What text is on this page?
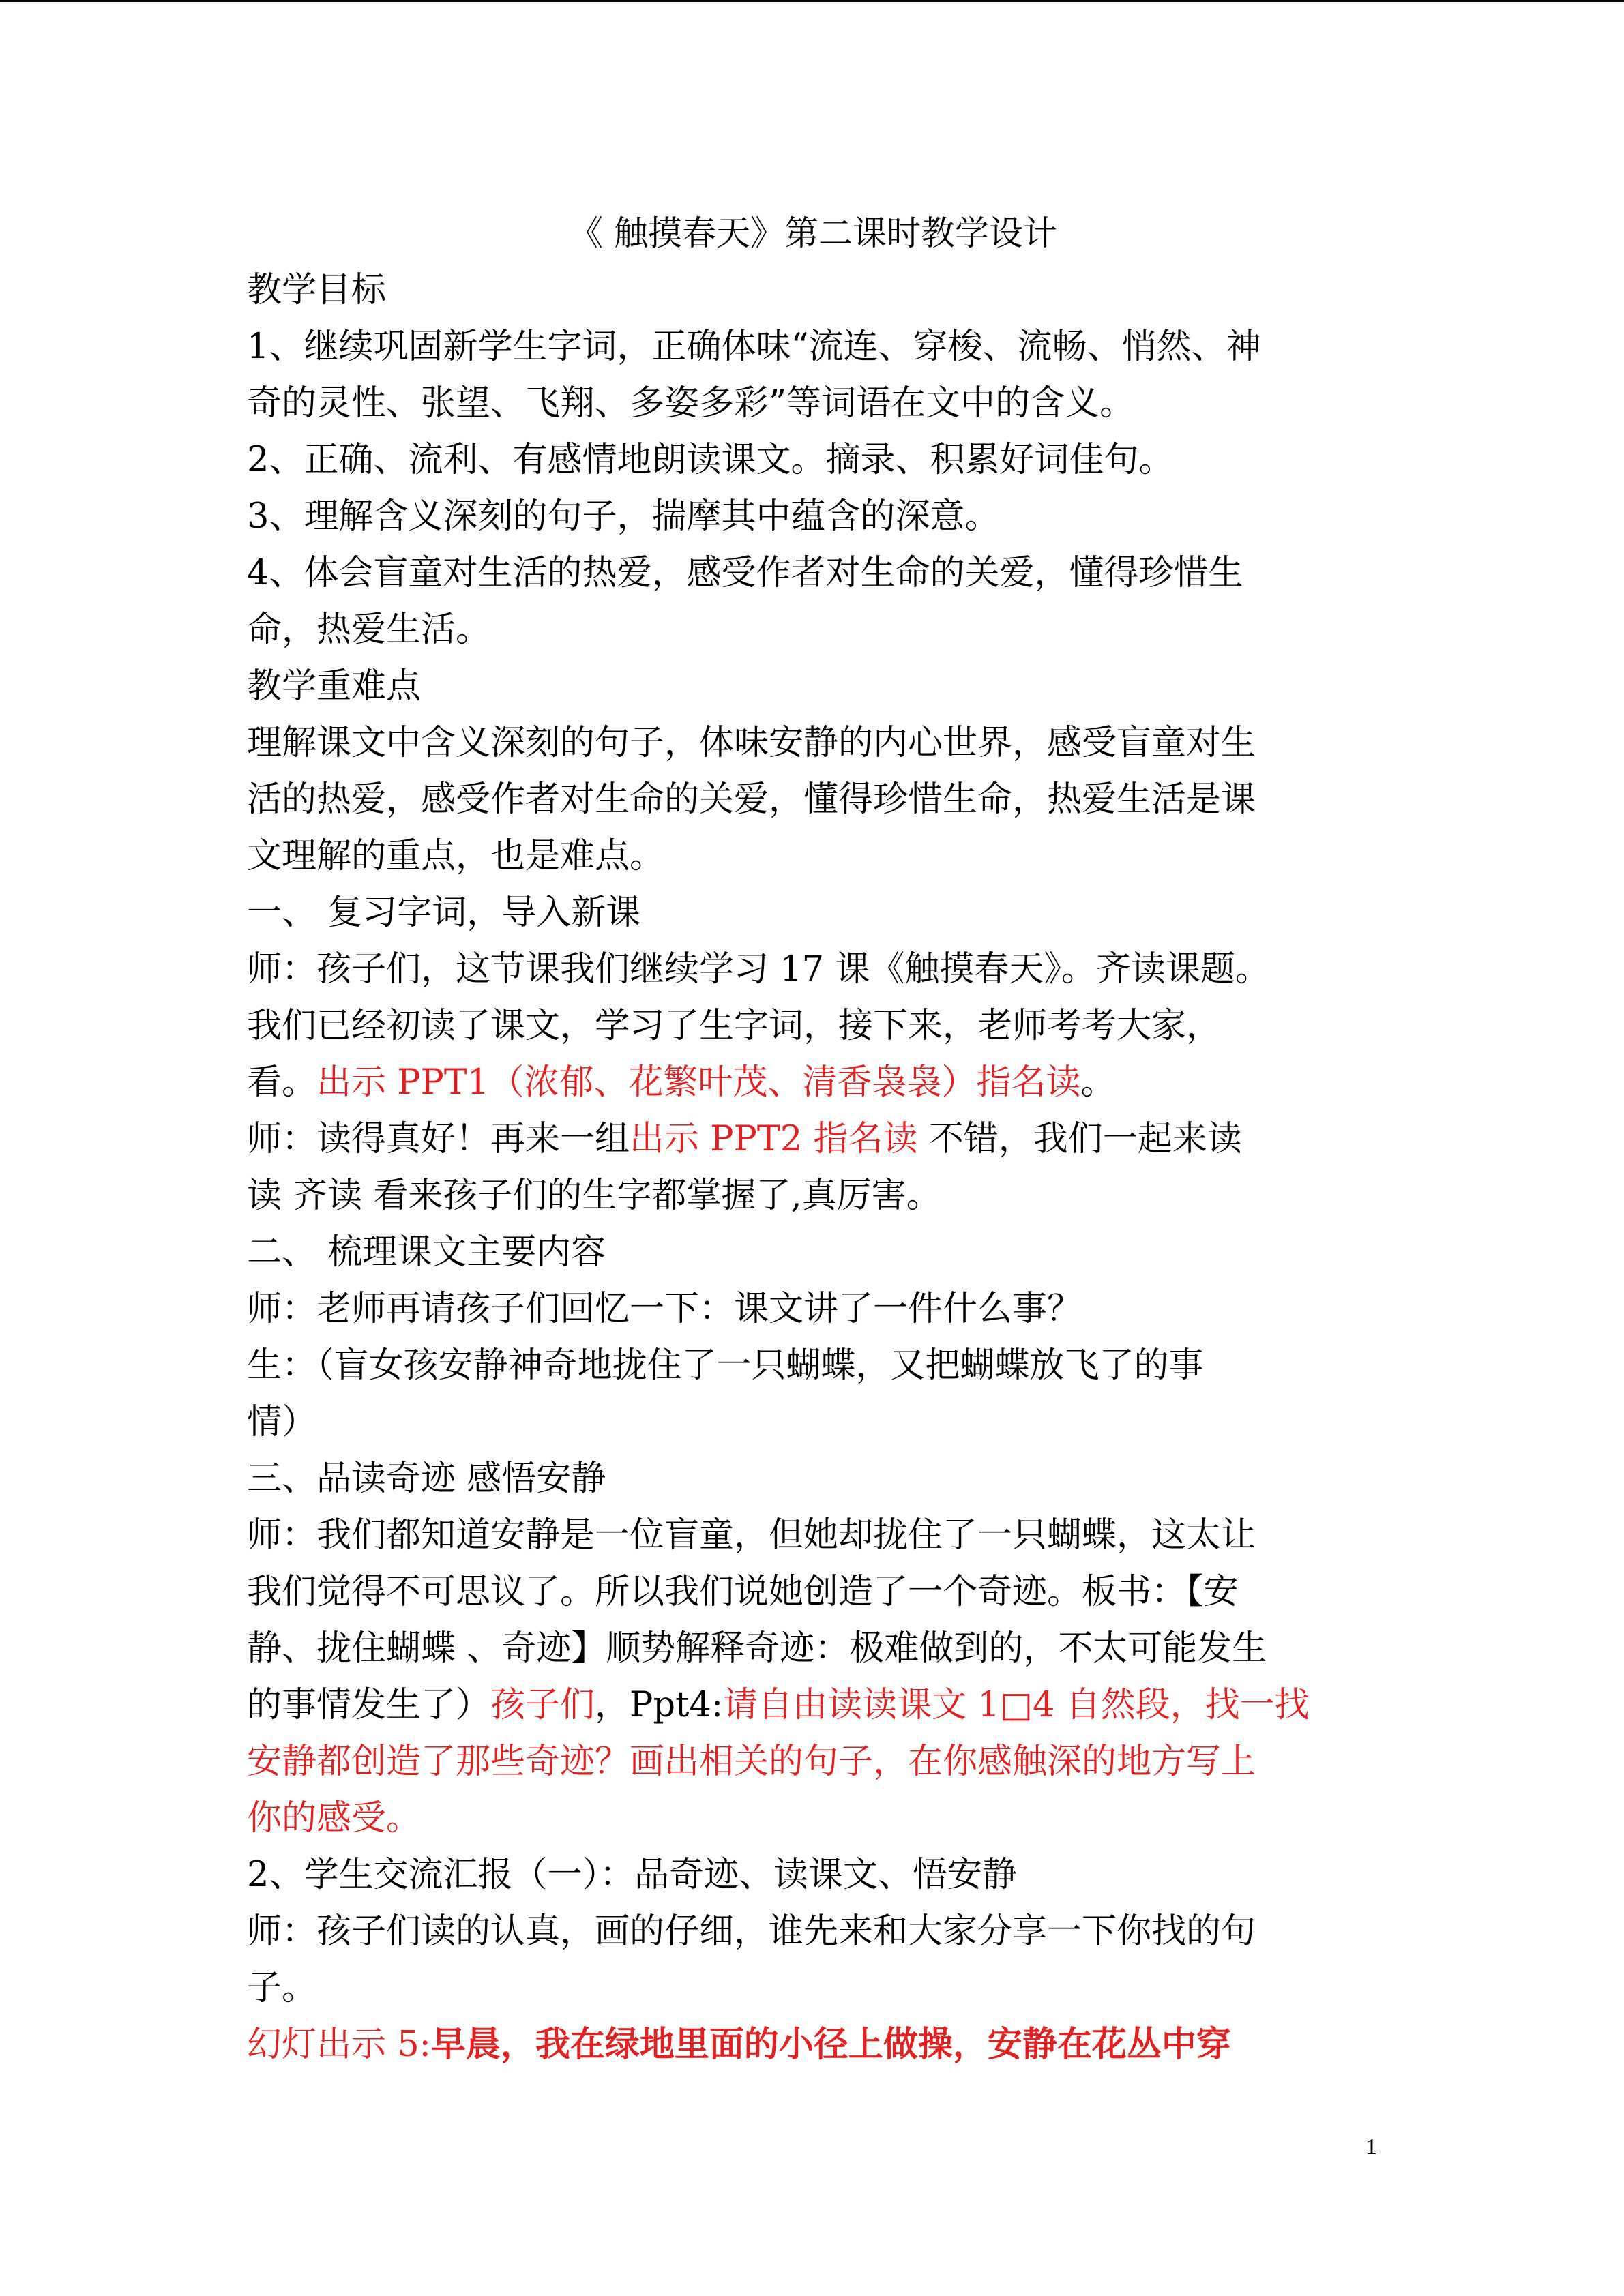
《 触摸春天》第二课时教学设计
教学目标
1、继续巩固新学生字词，正确体味“流连、穿梭、流畅、悄然、神
奇的灵性、张望、飞翔、多姿多彩”等词语在文中的含义。
2、正确、流利、有感情地朗读课文。摘录、积累好词佳句。
3、理解含义深刻的句子，揣摩其中蕴含的深意。
4、体会盲童对生活的热爱，感受作者对生命的关爱，懂得珍惜生
命，热爱生活。
教学重难点
理解课文中含义深刻的句子，体味安静的内心世界，感受盲童对生
活的热爱，感受作者对生命的关爱，懂得珍惜生命，热爱生活是课
文理解的重点，也是难点。
一、 复习字词，导入新课
师：孩子们，这节课我们继续学习 17 课《触摸春天》。齐读课题。
我们已经初读了课文，学习了生字词，接下来，老师考考大家，
看。出示 PPT1（浓郁、花繁叶茂、清香袅袅）指名读。
师：读得真好！再来一组出示 PPT2 指名读 不错，我们一起来读
读 齐读 看来孩子们的生字都掌握了,真厉害。
二、 梳理课文主要内容
师：老师再请孩子们回忆一下：课文讲了一件什么事？
生：（盲女孩安静神奇地拢住了一只蝴蝶，又把蝴蝶放飞了的事
情）
三、品读奇迹 感悟安静
师：我们都知道安静是一位盲童，但她却拢住了一只蝴蝶，这太让
我们觉得不可思议了。所以我们说她创造了一个奇迹。板书：【安
静、拢住蝴蝶 、奇迹】顺势解释奇迹：极难做到的，不太可能发生
的事情发生了）孩子们，Ppt4:请自由读读课文 1□4 自然段，找一找
安静都创造了那些奇迹？画出相关的句子，在你感触深的地方写上
你的感受。
2、学生交流汇报（一）：品奇迹、读课文、悟安静
师：孩子们读的认真，画的仔细，谁先来和大家分享一下你找的句
子。
幻灯出示 5:早晨，我在绿地里面的小径上做操，安静在花丛中穿
1
